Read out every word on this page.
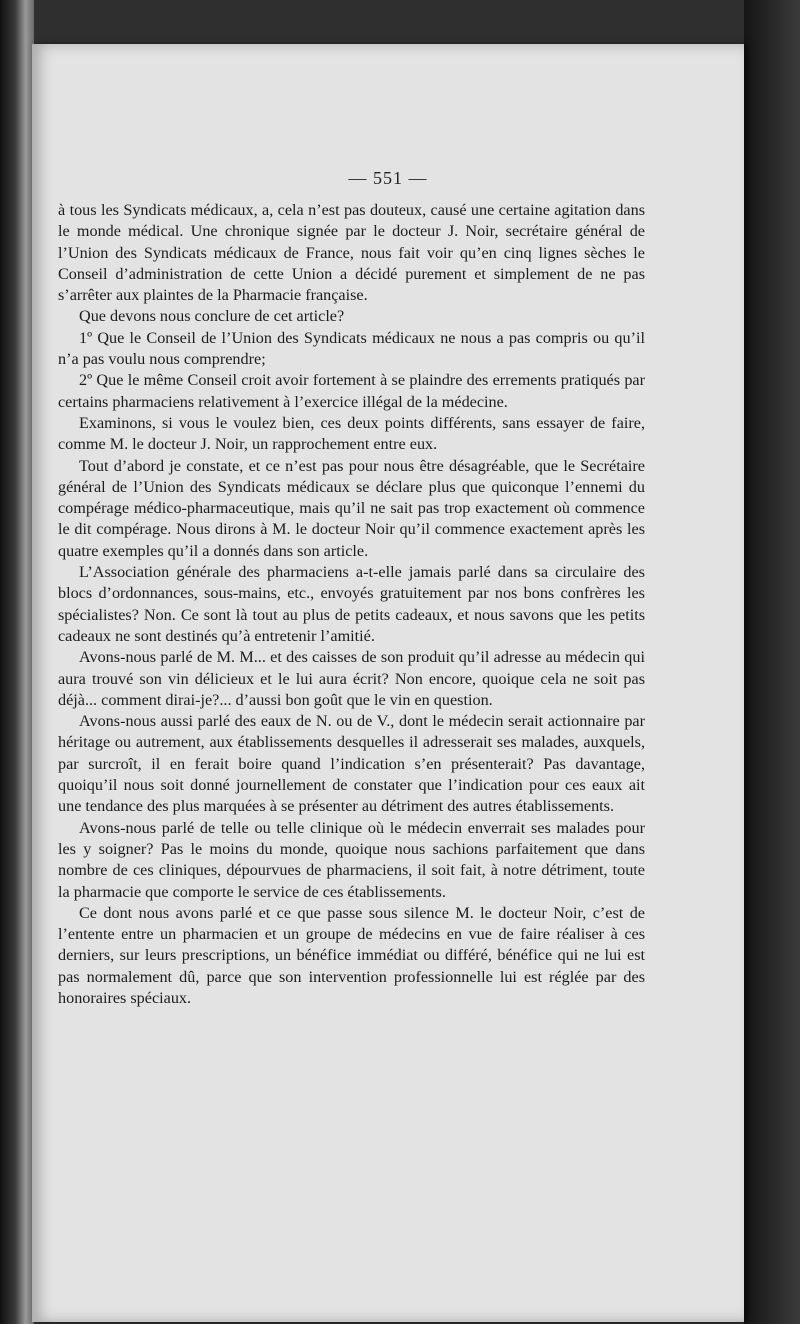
— 551 —

à tous les Syndicats médicaux, a, cela n’est pas douteux, causé une certaine agitation dans le monde médical. Une chronique signée par le docteur J. Noir, secrétaire général de l’Union des Syndicats médicaux de France, nous fait voir qu’en cinq lignes sèches le Conseil d’administration de cette Union a décidé purement et simplement de ne pas s’arrêter aux plaintes de la Pharmacie française.

Que devons nous conclure de cet article?

1º Que le Conseil de l’Union des Syndicats médicaux ne nous a pas compris ou qu’il n’a pas voulu nous comprendre;

2º Que le même Conseil croit avoir fortement à se plaindre des errements pratiqués par certains pharmaciens relativement à l’exercice illégal de la médecine.

Examinons, si vous le voulez bien, ces deux points différents, sans essayer de faire, comme M. le docteur J. Noir, un rapprochement entre eux.

Tout d’abord je constate, et ce n’est pas pour nous être désagréable, que le Secrétaire général de l’Union des Syndicats médicaux se déclare plus que quiconque l’ennemi du compérage médico-pharmaceutique, mais qu’il ne sait pas trop exactement où commence le dit compérage. Nous dirons à M. le docteur Noir qu’il commence exactement après les quatre exemples qu’il a donnés dans son article.

L’Association générale des pharmaciens a-t-elle jamais parlé dans sa circulaire des blocs d’ordonnances, sous-mains, etc., envoyés gratuitement par nos bons confrères les spécialistes? Non. Ce sont là tout au plus de petits cadeaux, et nous savons que les petits cadeaux ne sont destinés qu’à entretenir l’amitié.

Avons-nous parlé de M. M... et des caisses de son produit qu’il adresse au médecin qui aura trouvé son vin délicieux et le lui aura écrit? Non encore, quoique cela ne soit pas déjà... comment dirai-je?... d’aussi bon goût que le vin en question.

Avons-nous aussi parlé des eaux de N. ou de V., dont le médecin serait actionnaire par héritage ou autrement, aux établissements desquelles il adresserait ses malades, auxquels, par surcroît, il en ferait boire quand l’indication s’en présenterait? Pas davantage, quoiqu’il nous soit donné journellement de constater que l’indication pour ces eaux ait une tendance des plus marquées à se présenter au détriment des autres établissements.

Avons-nous parlé de telle ou telle clinique où le médecin enverrait ses malades pour les y soigner? Pas le moins du monde, quoique nous sachions parfaitement que dans nombre de ces cliniques, dépourvues de pharmaciens, il soit fait, à notre détriment, toute la pharmacie que comporte le service de ces établissements.

Ce dont nous avons parlé et ce que passe sous silence M. le docteur Noir, c’est de l’entente entre un pharmacien et un groupe de médecins en vue de faire réaliser à ces derniers, sur leurs prescriptions, un bénéfice immédiat ou différé, bénéfice qui ne lui est pas normalement dû, parce que son intervention professionnelle lui est réglée par des honoraires spéciaux.
